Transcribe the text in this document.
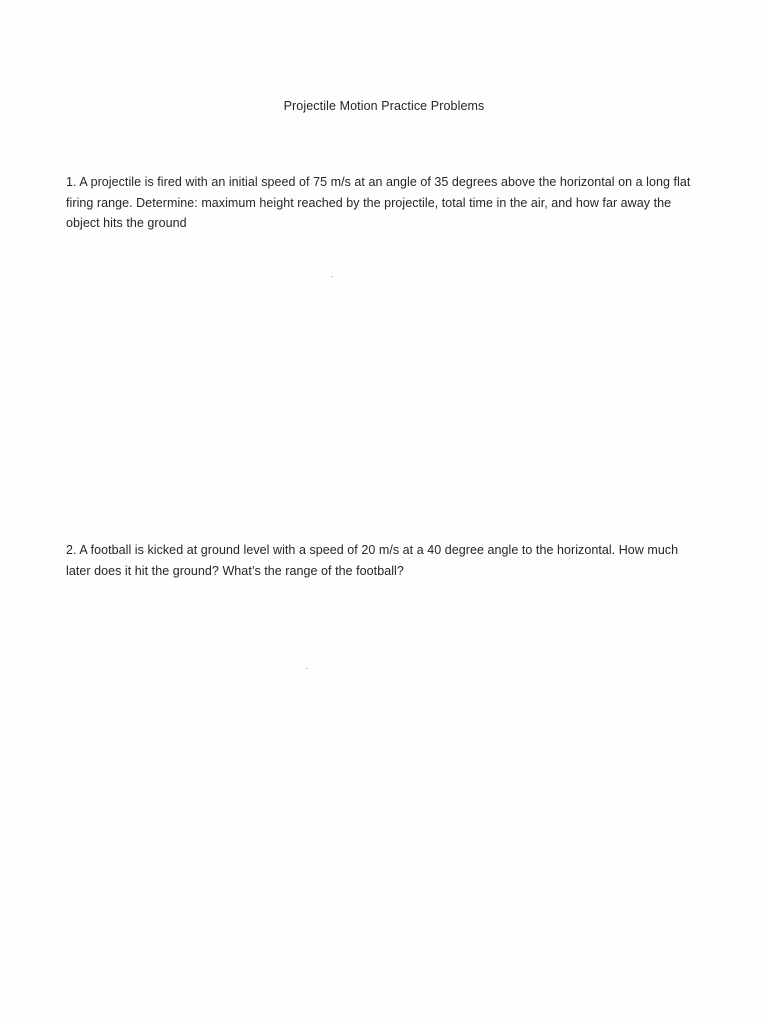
Projectile Motion Practice Problems
1. A projectile is fired with an initial speed of 75 m/s at an angle of 35 degrees above the horizontal on a long flat
firing range. Determine: maximum height reached by the projectile, total time in the air, and how far away the
object hits the ground
2. A football is kicked at ground level with a speed of 20 m/s at a 40 degree angle to the horizontal. How much
later does it hit the ground? What’s the range of the football?
